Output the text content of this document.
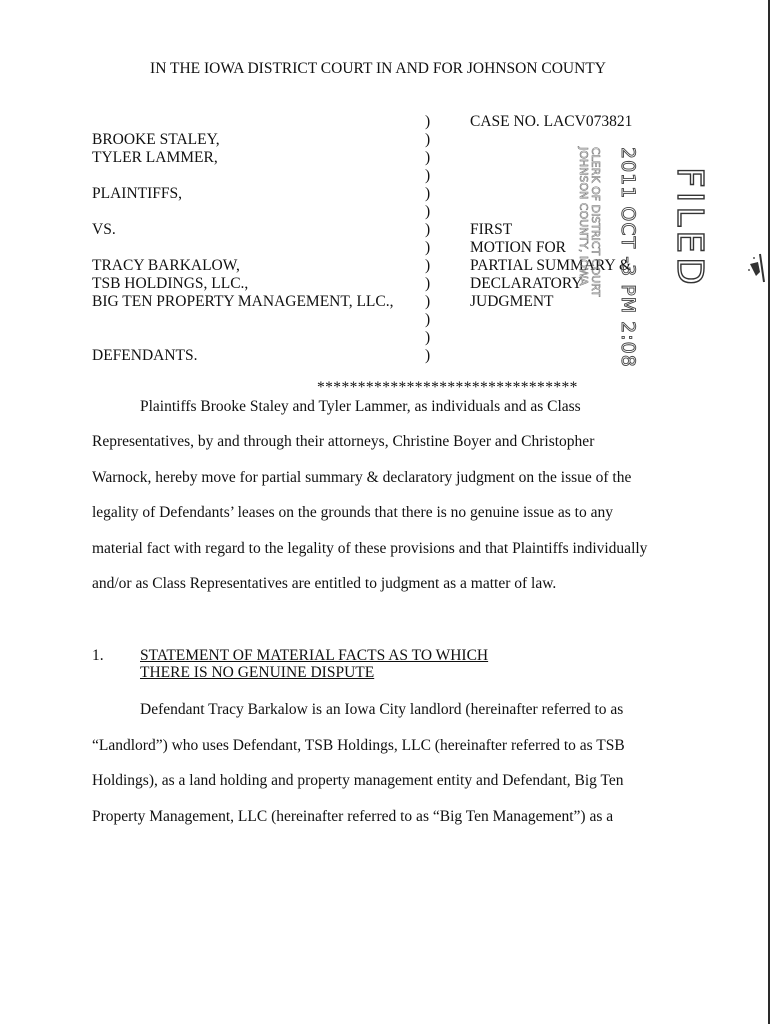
IN THE IOWA DISTRICT COURT IN AND FOR JOHNSON COUNTY
BROOKE STALEY,
TYLER LAMMER,
PLAINTIFFS,
VS.
TRACY BARKALOW,
TSB HOLDINGS, LLC.,
BIG TEN PROPERTY MANAGEMENT, LLC.,
DEFENDANTS.
)
)
)
)
)
)
)
)
)
)
)
)
)
)
CASE NO. LACV073821
FIRST
MOTION FOR
PARTIAL SUMMARY &
DECLARATORY
JUDGMENT
FILED
2011 OCT -3 PM 2:08
CLERK OF DISTRICT COURT
JOHNSON COUNTY, IOWA
********************************
Plaintiffs Brooke Staley and Tyler Lammer, as individuals and as Class
Representatives, by and through their attorneys, Christine Boyer and Christopher
Warnock, hereby move for partial summary & declaratory judgment on the issue of the
legality of Defendants’ leases on the grounds that there is no genuine issue as to any
material fact with regard to the legality of these provisions and that Plaintiffs individually
and/or as Class Representatives are entitled to judgment as a matter of law.
1. STATEMENT OF MATERIAL FACTS AS TO WHICH
THERE IS NO GENUINE DISPUTE
Defendant Tracy Barkalow is an Iowa City landlord (hereinafter referred to as
“Landlord”) who uses Defendant, TSB Holdings, LLC (hereinafter referred to as TSB
Holdings), as a land holding and property management entity and Defendant, Big Ten
Property Management, LLC (hereinafter referred to as “Big Ten Management”) as a
